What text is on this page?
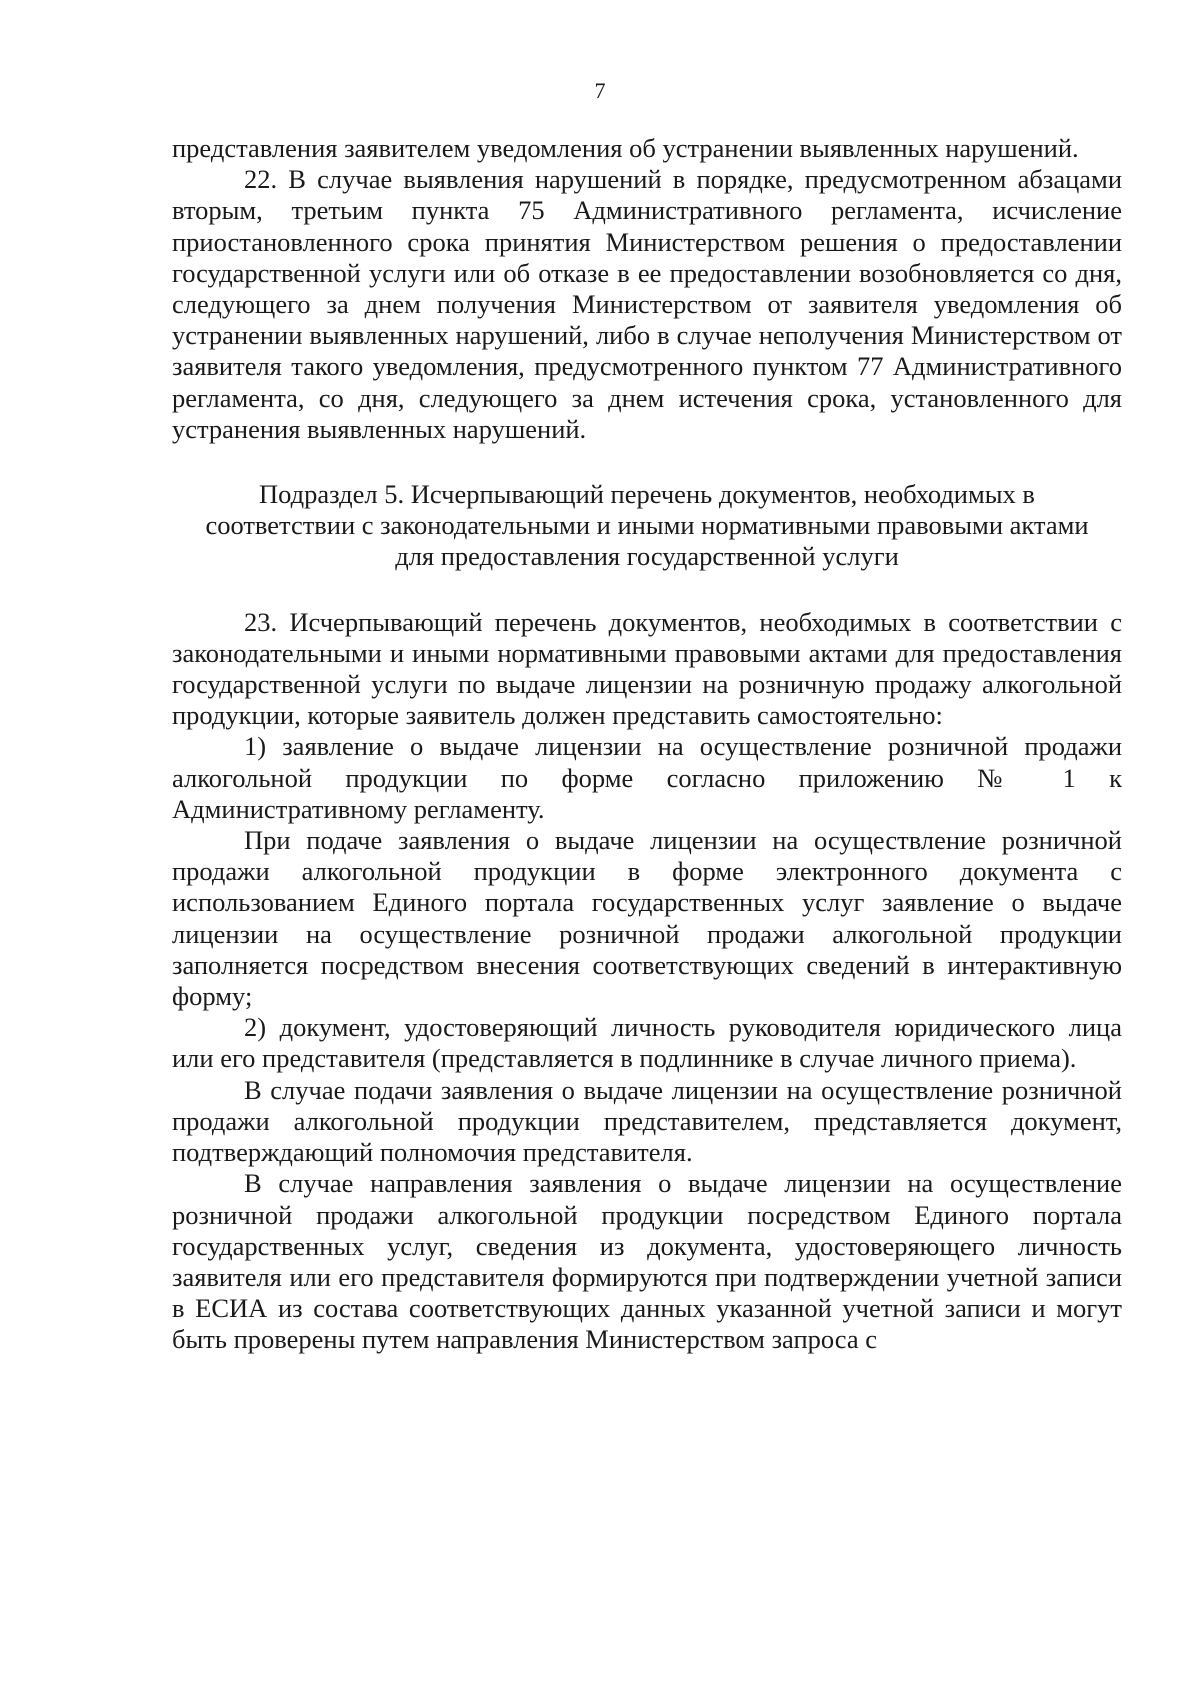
7

представления заявителем уведомления об устранении выявленных нарушений.

22. В случае выявления нарушений в порядке, предусмотренном абзацами вторым, третьим пункта 75 Административного регламента, исчисление приостановленного срока принятия Министерством решения о предоставлении государственной услуги или об отказе в ее предоставлении возобновляется со дня, следующего за днем получения Министерством от заявителя уведомления об устранении выявленных нарушений, либо в случае неполучения Министерством от заявителя такого уведомления, предусмотренного пунктом 77 Административного регламента, со дня, следующего за днем истечения срока, установленного для устранения выявленных нарушений.

Подраздел 5. Исчерпывающий перечень документов, необходимых в соответствии с законодательными и иными нормативными правовыми актами для предоставления государственной услуги

23. Исчерпывающий перечень документов, необходимых в соответствии с законодательными и иными нормативными правовыми актами для предоставления государственной услуги по выдаче лицензии на розничную продажу алкогольной продукции, которые заявитель должен представить самостоятельно:

1) заявление о выдаче лицензии на осуществление розничной продажи алкогольной продукции по форме согласно приложению № 1 к Административному регламенту.

При подаче заявления о выдаче лицензии на осуществление розничной продажи алкогольной продукции в форме электронного документа с использованием Единого портала государственных услуг заявление о выдаче лицензии на осуществление розничной продажи алкогольной продукции заполняется посредством внесения соответствующих сведений в интерактивную форму;

2) документ, удостоверяющий личность руководителя юридического лица или его представителя (представляется в подлиннике в случае личного приема).

В случае подачи заявления о выдаче лицензии на осуществление розничной продажи алкогольной продукции представителем, представляется документ, подтверждающий полномочия представителя.

В случае направления заявления о выдаче лицензии на осуществление розничной продажи алкогольной продукции посредством Единого портала государственных услуг, сведения из документа, удостоверяющего личность заявителя или его представителя формируются при подтверждении учетной записи в ЕСИА из состава соответствующих данных указанной учетной записи и могут быть проверены путем направления Министерством запроса с
